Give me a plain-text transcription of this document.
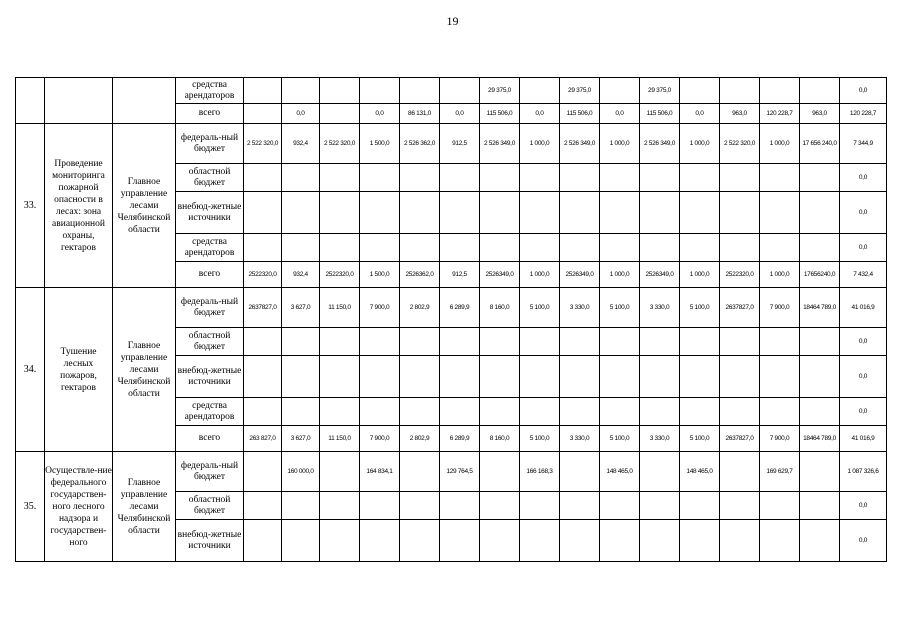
19
			средства арендаторов							29 375,0		29 375,0		29 375,0					0,0
			всего		0,0		0,0	86 131,0	0,0	115 506,0	0,0	115 506,0	0,0	115 506,0	0,0	963,0	120 228,7	963,0	120 228,7
33.	Проведение мониторинга пожарной опасности в лесах: зона авиационной охраны, гектаров	Главное управление лесами Челябинской области	федераль-ный бюджет	2 522 320,0	932,4	2 522 320,0	1 500,0	2 526 362,0	912,5	2 526 349,0	1 000,0	2 526 349,0	1 000,0	2 526 349,0	1 000,0	2 522 320,0	1 000,0	17 656 240,0	7 344,9
			областной бюджет																0,0
			внебюд-жетные источники																0,0
			средства арендаторов																0,0
			всего	2522320,0	932,4	2522320,0	1 500,0	2526362,0	912,5	2526349,0	1 000,0	2526349,0	1 000,0	2526349,0	1 000,0	2522320,0	1 000,0	17656240,0	7 432,4
34.	Тушение лесных пожаров, гектаров	Главное управление лесами Челябинской области	федераль-ный бюджет	2637827,0	3 627,0	11 150,0	7 900,0	2 802,9	6 289,9	8 160,0	5 100,0	3 330,0	5 100,0	3 330,0	5 100,0	2637827,0	7 900,0	18464 789,0	41 016,9
			областной бюджет																0,0
			внебюд-жетные источники																0,0
			средства арендаторов																0,0
			всего	263 827,0	3 627,0	11 150,0	7 900,0	2 802,9	6 289,9	8 160,0	5 100,0	3 330,0	5 100,0	3 330,0	5 100,0	2637827,0	7 900,0	18464 789,0	41 016,9
35.	Осуществле-ние федерального государствен-ного лесного надзора и государствен-ного	Главное управление лесами Челябинской области	федераль-ный бюджет		160 000,0		164 834,1		129 764,5		166 168,3		148 465,0		148 465,0		169 629,7		1 087 326,6
			областной бюджет																0,0
			внебюд-жетные источники																0,0
